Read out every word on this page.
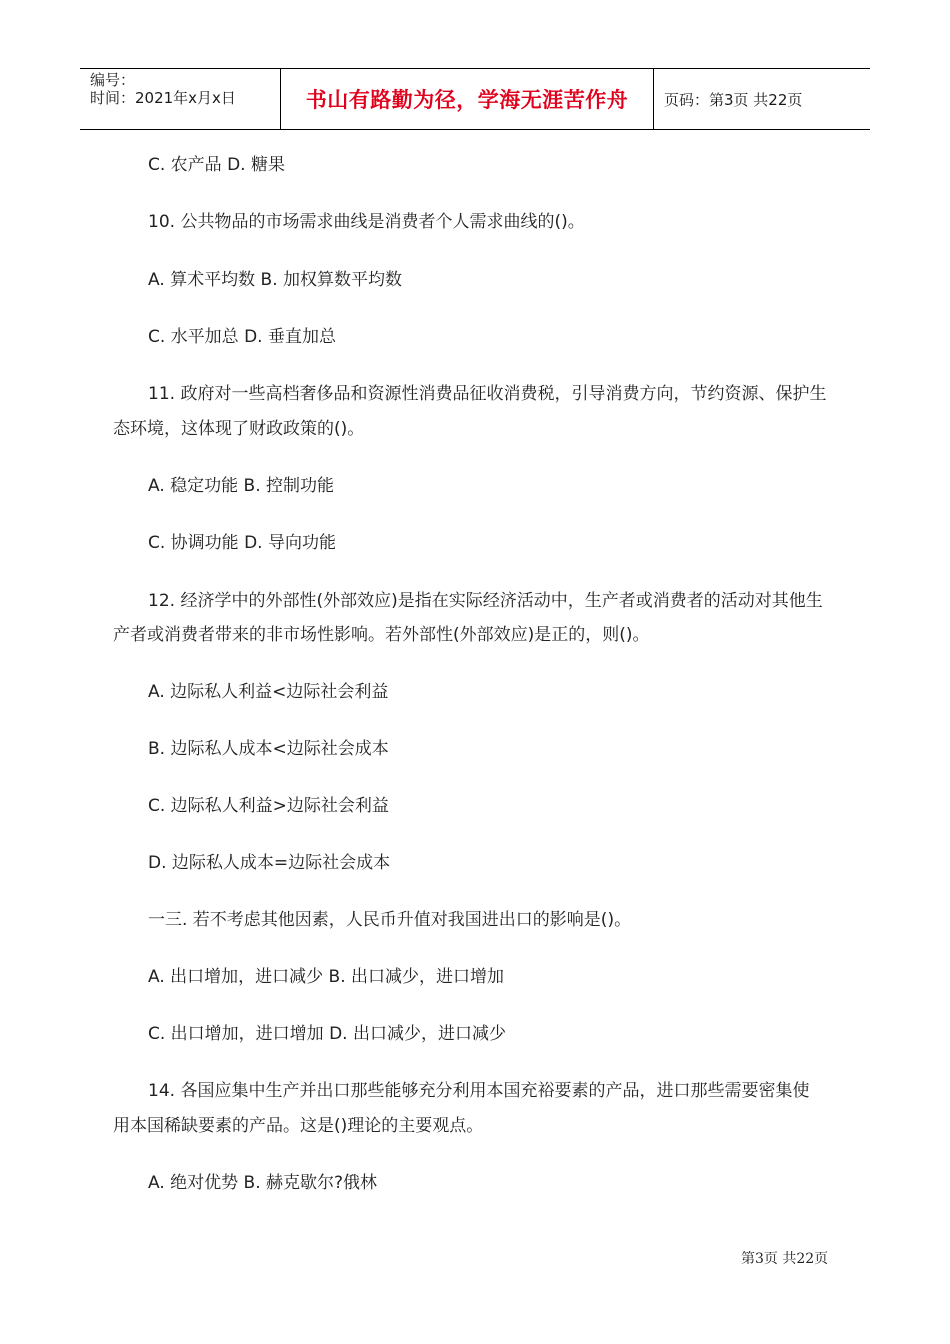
编号：
时间：2021年x月x日	书山有路勤为径，学海无涯苦作舟 页码：第3页 共22页
C. 农产品 D. 糖果
10. 公共物品的市场需求曲线是消费者个人需求曲线的()。
A. 算术平均数 B. 加权算数平均数
C. 水平加总 D. 垂直加总
11. 政府对一些高档奢侈品和资源性消费品征收消费税，引导消费方向，节约资源、保护生
态环境，这体现了财政政策的()。
A. 稳定功能 B. 控制功能
C. 协调功能 D. 导向功能
12. 经济学中的外部性(外部效应)是指在实际经济活动中，生产者或消费者的活动对其他生
产者或消费者带来的非市场性影响。若外部性(外部效应)是正的，则()。
A. 边际私人利益<边际社会利益
B. 边际私人成本<边际社会成本
C. 边际私人利益>边际社会利益
D. 边际私人成本=边际社会成本
一三. 若不考虑其他因素，人民币升值对我国进出口的影响是()。
A. 出口增加，进口减少 B. 出口减少，进口增加
C. 出口增加，进口增加 D. 出口减少，进口减少
14. 各国应集中生产并出口那些能够充分利用本国充裕要素的产品，进口那些需要密集使
用本国稀缺要素的产品。这是()理论的主要观点。
A. 绝对优势 B. 赫克歇尔?俄林
第3页 共22页
